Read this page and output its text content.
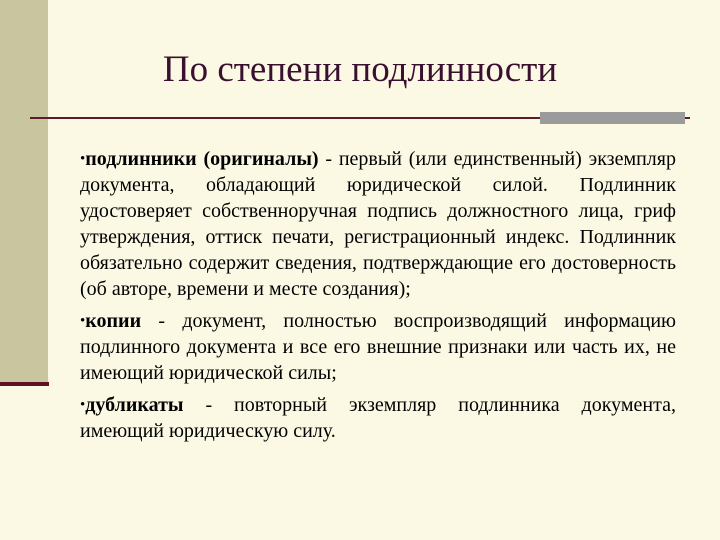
По степени подлинности

•подлинники (оригиналы) - первый (или единственный) экземпляр документа, обладающий юридической силой. Подлинник удостоверяет собственноручная подпись должностного лица, гриф утверждения, оттиск печати, регистрационный индекс. Подлинник обязательно содержит сведения, подтверждающие его достоверность (об авторе, времени и месте создания);

•копии - документ, полностью воспроизводящий информацию подлинного документа и все его внешние признаки или часть их, не имеющий юридической силы;

•дубликаты - повторный экземпляр подлинника документа, имеющий юридическую силу.
